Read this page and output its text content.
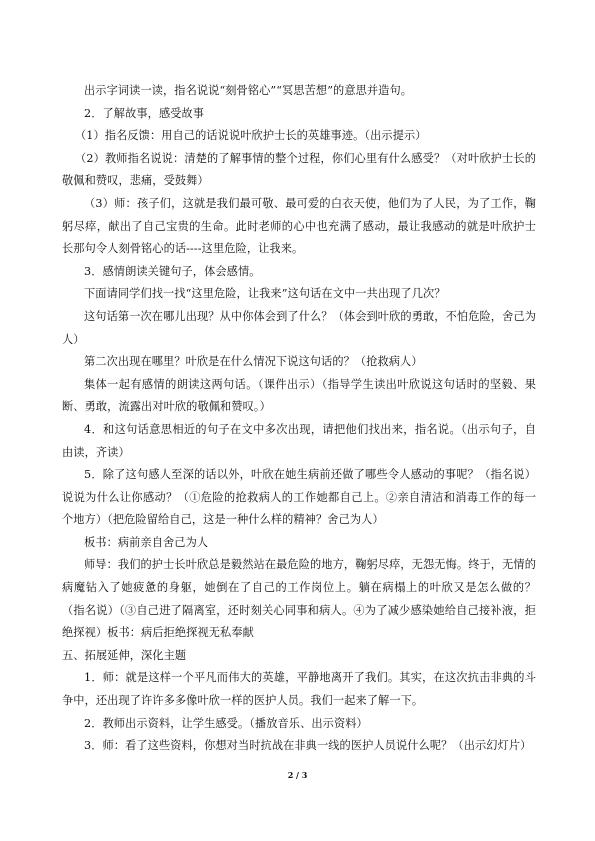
出示字词读一读，指名说说“刻骨铭心”“冥思苦想”的意思并造句。

2．了解故事，感受故事

（1）指名反馈：用自己的话说说叶欣护士长的英雄事迹。（出示提示）

（2）教师指名说说：清楚的了解事情的整个过程，你们心里有什么感受？（对叶欣护士长的敬佩和赞叹，悲痛，受鼓舞）

（3）师：孩子们，这就是我们最可敬、最可爱的白衣天使，他们为了人民，为了工作，鞠躬尽瘁，献出了自己宝贵的生命。此时老师的心中也充满了感动，最让我感动的就是叶欣护士长那句令人刻骨铭心的话----这里危险，让我来。

3．感情朗读关键句子，体会感情。

下面请同学们找一找“这里危险，让我来”这句话在文中一共出现了几次？

这句话第一次在哪儿出现？从中你体会到了什么？（体会到叶欣的勇敢，不怕危险，舍己为人）

第二次出现在哪里？叶欣是在什么情况下说这句话的？（抢救病人）

集体一起有感情的朗读这两句话。（课件出示）（指导学生读出叶欣说这句话时的坚毅、果断、勇敢，流露出对叶欣的敬佩和赞叹。）

4．和这句话意思相近的句子在文中多次出现，请把他们找出来，指名说。（出示句子，自由读，齐读）

5．除了这句感人至深的话以外，叶欣在她生病前还做了哪些令人感动的事呢？（指名说）说说为什么让你感动？（①危险的抢救病人的工作她都自己上。②亲自清洁和消毒工作的每一个地方）（把危险留给自己，这是一种什么样的精神？舍己为人）

板书：病前亲自舍己为人

师导：我们的护士长叶欣总是毅然站在最危险的地方，鞠躬尽瘁，无怨无悔。终于，无情的病魔钻入了她疲惫的身躯，她倒在了自己的工作岗位上。躺在病榻上的叶欣又是怎么做的？（指名说）（③自己进了隔离室，还时刻关心同事和病人。④为了减少感染她给自己接补液，拒绝探视）板书：病后拒绝探视无私奉献

五、拓展延伸，深化主题

1．师：就是这样一个平凡而伟大的英雄，平静地离开了我们。其实，在这次抗击非典的斗争中，还出现了许许多多像叶欣一样的医护人员。我们一起来了解一下。

2．教师出示资料，让学生感受。（播放音乐、出示资料）

3．师：看了这些资料，你想对当时抗战在非典一线的医护人员说什么呢？（出示幻灯片）

2 / 3
